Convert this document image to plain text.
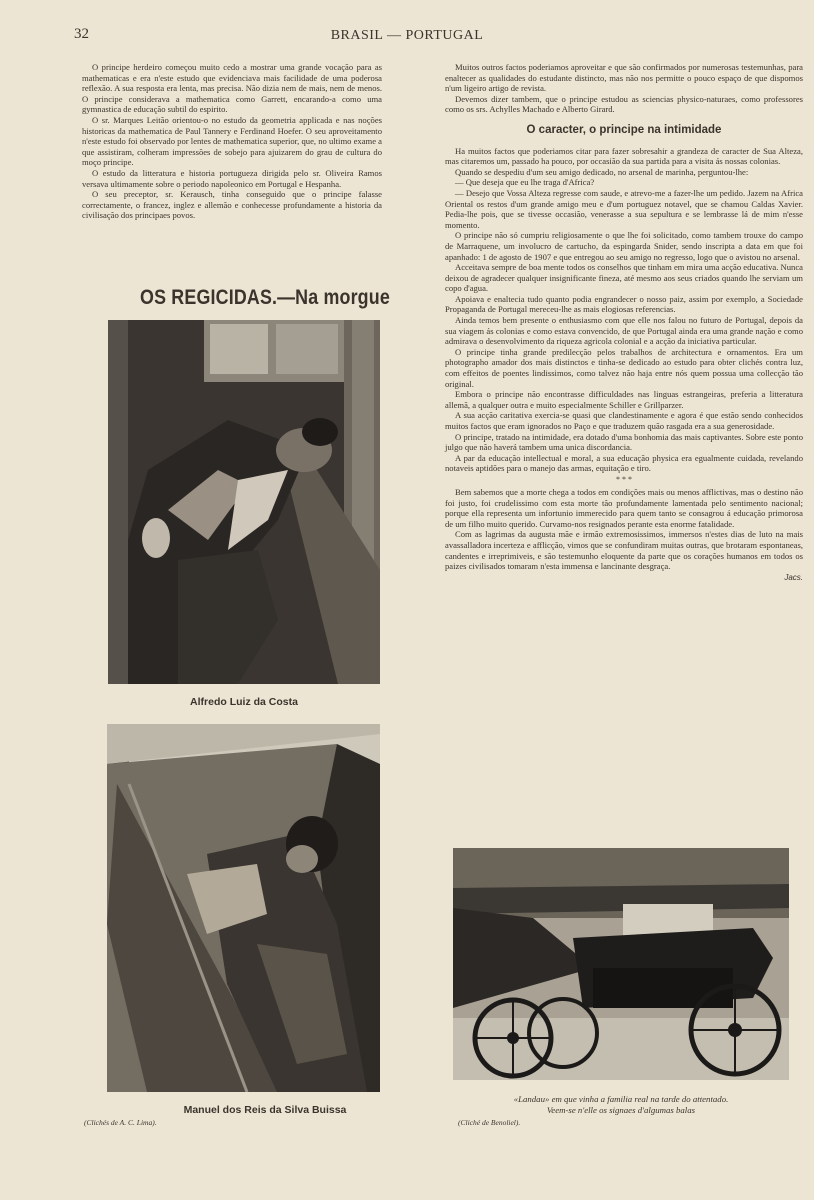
32	BRASIL — PORTUGAL

O principe herdeiro começou muito cedo a mostrar uma grande vocação para as mathematicas e era n'este estudo que evidenciava mais facilidade de uma poderosa reflexão. A sua resposta era lenta, mas precisa. Não dizia nem de mais, nem de menos. O principe considerava a mathematica como Garrett, encarando-a como uma gymnastica de educação subtil do espirito.

O sr. Marques Leitão orientou-o no estudo da geometria applicada e nas noções historicas da mathematica de Paul Tannery e Ferdinand Hoefer. O seu aproveitamento n'este estudo foi observado por lentes de mathematica superior, que, no ultimo exame a que assistiram, colheram impressões de sobejo para ajuizarem do grau de cultura do moço principe.

O estudo da litteratura e historia portugueza dirigida pelo sr. Oliveira Ramos versava ultimamente sobre o periodo napoleonico em Portugal e Hespanha.

O seu preceptor, sr. Kerausch, tinha conseguido que o principe falasse correctamente, o francez, inglez e allemão e conhecesse profundamente a historia da civilisação dos principaes povos.

OS REGICIDAS.—Na morgue
Alfredo Luiz da Costa
Manuel dos Reis da Silva Buissa
(Clichés de A. C. Lima).

Muitos outros factos poderiamos aproveitar e que são confirmados por numerosas testemunhas, para enaltecer as qualidades do estudante distincto, mas não nos permitte o pouco espaço de que dispomos n'um ligeiro artigo de revista.

Devemos dizer tambem, que o principe estudou as sciencias physico-naturaes, como professores como os srs. Achylles Machado e Alberto Girard.

O caracter, o principe na intimidade

Ha muitos factos que poderiamos citar para fazer sobresahir a grandeza de caracter de Sua Alteza, mas citaremos um, passado ha pouco, por occasião da sua partida para a visita ás nossas colonias.

Quando se despediu d'um seu amigo dedicado, no arsenal de marinha, perguntou-lhe:

— Que deseja que eu lhe traga d'Africa?

— Desejo que Vossa Alteza regresse com saude, e atrevo-me a fazer-lhe um pedido. Jazem na Africa Oriental os restos d'um grande amigo meu e d'um portuguez notavel, que se chamou Caldas Xavier. Pedia-lhe pois, que se tivesse occasião, venerasse a sua sepultura e se lembrasse lá de mim n'esse momento.

O principe não só cumpriu religiosamente o que lhe foi solicitado, como tambem trouxe do campo de Marraquene, um involucro de cartucho, da espingarda Snider, sendo inscripta a data em que foi apanhado: 1 de agosto de 1907 e que entregou ao seu amigo no regresso, logo que o avistou no arsenal.

Acceitava sempre de boa mente todos os conselhos que tinham em mira uma acção educativa. Nunca deixou de agradecer qualquer insignificante fineza, até mesmo aos seus criados quando lhe serviam um copo d'agua.

Apoiava e enaltecia tudo quanto podia engrandecer o nosso paiz, assim por exemplo, a Sociedade Propaganda de Portugal mereceu-lhe as mais elogiosas referencias.

Ainda temos bem presente o enthusiasmo com que elle nos falou no futuro de Portugal, depois da sua viagem ás colonias e como estava convencido, de que Portugal ainda era uma grande nação e como admirava o desenvolvimento da riqueza agricola colonial e a acção da iniciativa particular.

O principe tinha grande predilecção pelos trabalhos de architectura e ornamentos. Era um photographo amador dos mais distinctos e tinha-se dedicado ao estudo para obter clichés contra luz, com effeitos de poentes lindissimos, como talvez não haja entre nós quem possua uma collecção tão original.

Embora o principe não encontrasse difficuldades nas linguas estrangeiras, preferia a litteratura allemã, a qualquer outra e muito especialmente Schiller e Grillparzer.

A sua acção caritativa exercia-se quasi que clandestinamente e agora é que estão sendo conhecidos muitos factos que eram ignorados no Paço e que traduzem quão rasgada era a sua generosidade.

O principe, tratado na intimidade, era dotado d'uma bonhomia das mais captivantes. Sobre este ponto julgo que não haverá tambem uma unica discordancia.

A par da educação intellectual e moral, a sua educação physica era egualmente cuidada, revelando notaveis aptidões para o manejo das armas, equitação e tiro.

* * *

Bem sabemos que a morte chega a todos em condições mais ou menos afflictivas, mas o destino não foi justo, foi crudelissimo com esta morte tão profundamente lamentada pelo sentimento nacional; porque ella representa um infortunio immerecido para quem tanto se consagrou á educação primorosa de um filho muito querido. Curvamo-nos resignados perante esta enorme fatalidade.

Com as lagrimas da augusta mãe e irmão extremosissimos, immersos n'estes dias de luto na mais avassalladora incerteza e afflicção, vimos que se confundiram muitas outras, que brotaram espontaneas, candentes e irreprimiveis, e são testemunho eloquente da parte que os corações humanos em todos os paizes civilisados tomaram n'esta immensa e lancinante desgraça.

Jacs.
«Landau» em que vinha a familia real na tarde do attentado.
Veem-se n'elle os signaes d'algumas balas
(Cliché de Benoliel).
